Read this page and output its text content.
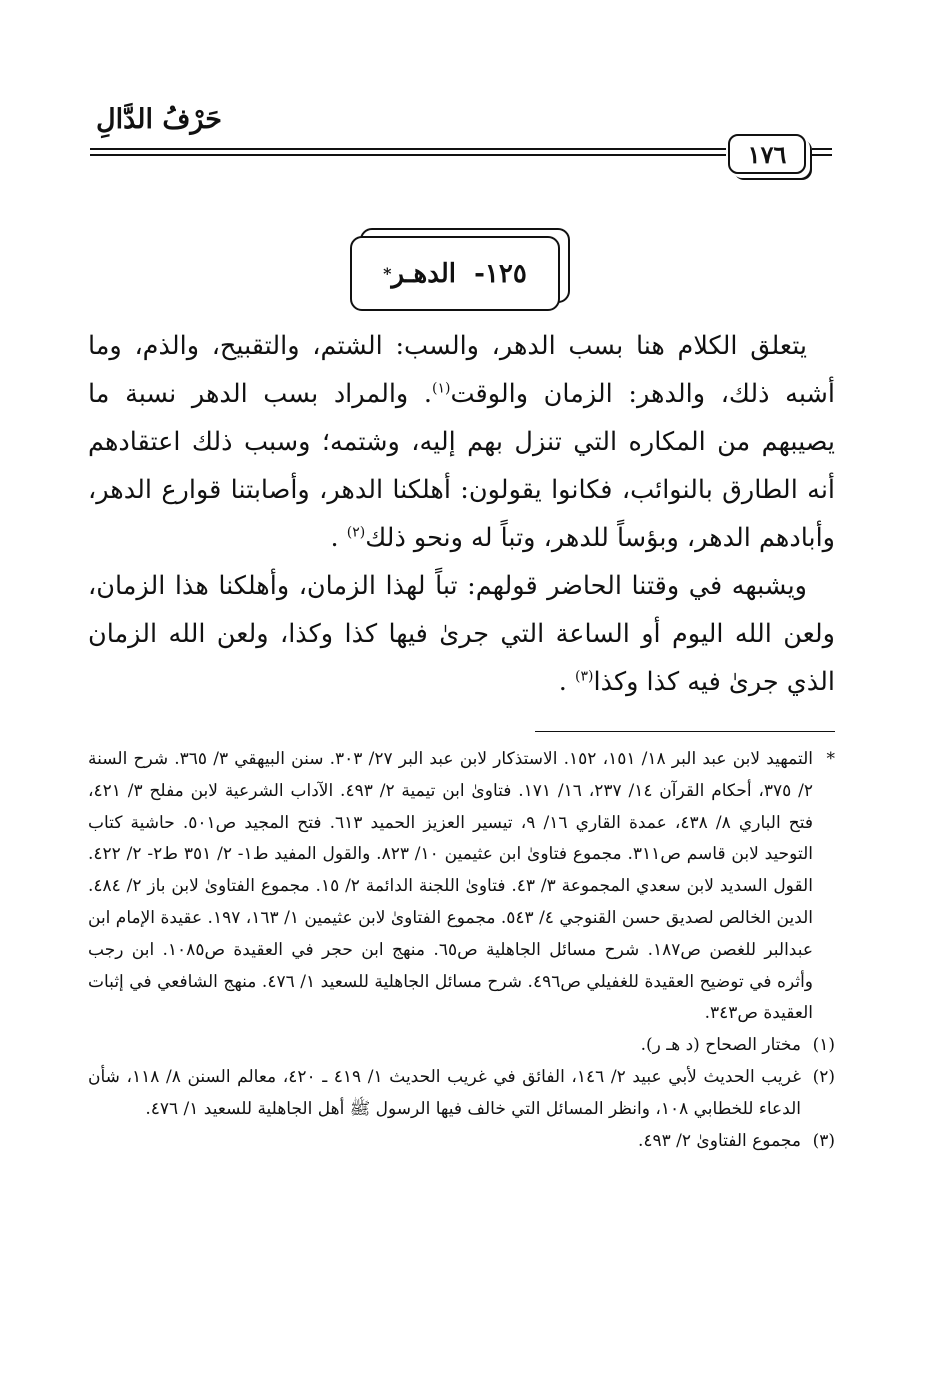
حَرْفُ الدَّالِ
١٧٦
١٢٥-

الدهـر
*

يتعلق الكلام هنا بسب الدهر، والسب: الشتم، والتقبيح، والذم، وما أشبه ذلك، والدهر: الزمان والوقت$^{(١)}$. والمراد بسب الدهر نسبة ما يصيبهم من المكاره التي تنزل بهم إليه، وشتمه؛ وسبب ذلك اعتقادهم أنه الطارق بالنوائب، فكانوا يقولون: أهلكنا الدهر، وأصابتنا قوارع الدهر، وأبادهم الدهر، وبؤساً للدهر، وتباً له ونحو ذلك$^{(٢)}$ .

ويشبهه في وقتنا الحاضر قولهم: تباً لهذا الزمان، وأهلكنا هذا الزمان، ولعن الله اليوم أو الساعة التي جرىٰ فيها كذا وكذا، ولعن الله الزمان الذي جرىٰ فيه كذا وكذا$^{(٣)}$ .

*التمهيد لابن عبد البر ١٨/ ١٥١، ١٥٢. الاستذكار لابن عبد البر ٢٧/ ٣٠٣. سنن البيهقي ٣/ ٣٦٥. شرح السنة ٢/ ٣٧٥، أحكام القرآن ١٤/ ٢٣٧، ١٦/ ١٧١. فتاوىٰ ابن تيمية ٢/ ٤٩٣. الآداب الشرعية لابن مفلح ٣/ ٤٢١، فتح الباري ٨/ ٤٣٨، عمدة القاري ١٦/ ٩، تيسير العزيز الحميد ٦١٣. فتح المجيد ص٥٠١. حاشية كتاب التوحيد لابن قاسم ص٣١١. مجموع فتاوىٰ ابن عثيمين ١٠/ ٨٢٣. والقول المفيد ط١- ٢/ ٣٥١ ط٢- ٢/ ٤٢٢. القول السديد لابن سعدي المجموعة ٣/ ٤٣. فتاوىٰ اللجنة الدائمة ٢/ ١٥. مجموع الفتاوىٰ لابن باز ٢/ ٤٨٤. الدين الخالص لصديق حسن القنوجي ٤/ ٥٤٣. مجموع الفتاوىٰ لابن عثيمين ١/ ١٦٣، ١٩٧. عقيدة الإمام ابن عبدالبر للغصن ص١٨٧. شرح مسائل الجاهلية ص٦٥. منهج ابن حجر في العقيدة ص١٠٨٥. ابن رجب وأثره في توضيح العقيدة للغفيلي ص٤٩٦. شرح مسائل الجاهلية للسعيد ١/ ٤٧٦. منهج الشافعي في إثبات العقيدة ص٣٤٣.

(١)مختار الصحاح (د هـ ر).

(٢)غريب الحديث لأبي عبيد ٢/ ١٤٦، الفائق في غريب الحديث ١/ ٤١٩ ـ ٤٢٠، معالم السنن ٨/ ١١٨، شأن الدعاء للخطابي ١٠٨، وانظر المسائل التي خالف فيها الرسول ﷺ أهل الجاهلية للسعيد ١/ ٤٧٦.

(٣)مجموع الفتاوىٰ ٢/ ٤٩٣.
